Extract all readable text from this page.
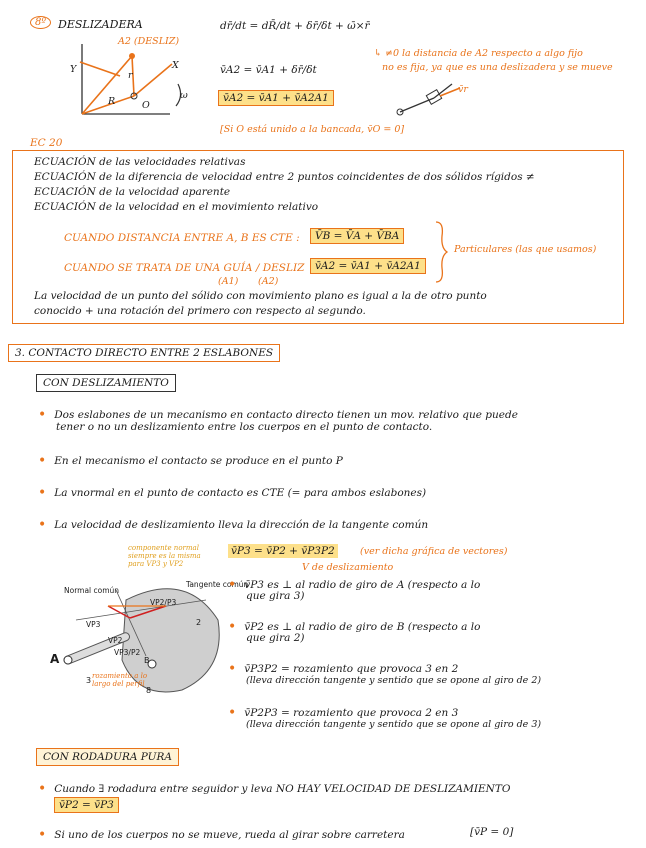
8º	DESLIZADERA
A2 (DESLIZ)
Y	X
r
R	O
ω
dr̄/dt = dR̄/dt + δr̄/δt + ω̄×r̄
v̄A2 = v̄A1 + δr̄/δt
v̄A2 = v̄A1 + v̄A2A1
↳ ≠0 la distancia de A2 respecto a algo fijo
no es fija, ya que es una deslizadera y se mueve
[Si O está unido a la bancada, v̄O = 0]
v̄r
EC 20
ECUACIÓN de las velocidades relativas
ECUACIÓN de la diferencia de velocidad entre 2 puntos coincidentes de dos sólidos rígidos ≠
ECUACIÓN de la velocidad aparente
ECUACIÓN de la velocidad en el movimiento relativo
CUANDO DISTANCIA ENTRE A, B ES CTE :	V̄B = V̄A + V̄BA
CUANDO SE TRATA DE UNA GUÍA / DESLIZ
(A1) (A2)
v̄A2 = v̄A1 + v̄A2A1
Particulares (las que usamos)
La velocidad de un punto del sólido con movimiento plano es igual a la de otro punto
conocido + una rotación del primero con respecto al segundo.
3. CONTACTO DIRECTO ENTRE 2 ESLABONES
CON DESLIZAMIENTO
• Dos eslabones de un mecanismo en contacto directo tienen un mov. relativo que puede
tener o no un deslizamiento entre los cuerpos en el punto de contacto.
• En el mecanismo el contacto se produce en el punto P
• La vnormal en el punto de contacto es CTE (= para ambos eslabones)
• La velocidad de deslizamiento lleva la dirección de la tangente común
v̄P3 = v̄P2 + v̄P3P2	(ver dicha gráfica de vectores)
V de deslizamiento
componente normal siempre es la misma para VP3 y VP2
Normal común
Tangente común
VP2/P3
VP3
VP2
VP3/P2
A	B
2
3
8
rozamiento a lo largo del perfil
• v̄P3 es ⊥ al radio de giro de A (respecto a lo
que gira 3)
• v̄P2 es ⊥ al radio de giro de B (respecto a lo
que gira 2)
• v̄P3P2 = rozamiento que provoca 3 en 2
(lleva dirección tangente y sentido que se opone al giro de 2)
• v̄P2P3 = rozamiento que provoca 2 en 3
(lleva dirección tangente y sentido que se opone al giro de 3)
CON RODADURA PURA
• Cuando ∃ rodadura entre seguidor y leva NO HAY VELOCIDAD DE DESLIZAMIENTO
v̄P2 = v̄P3
• Si uno de los cuerpos no se mueve, rueda al girar sobre carretera	[v̄P = 0]
